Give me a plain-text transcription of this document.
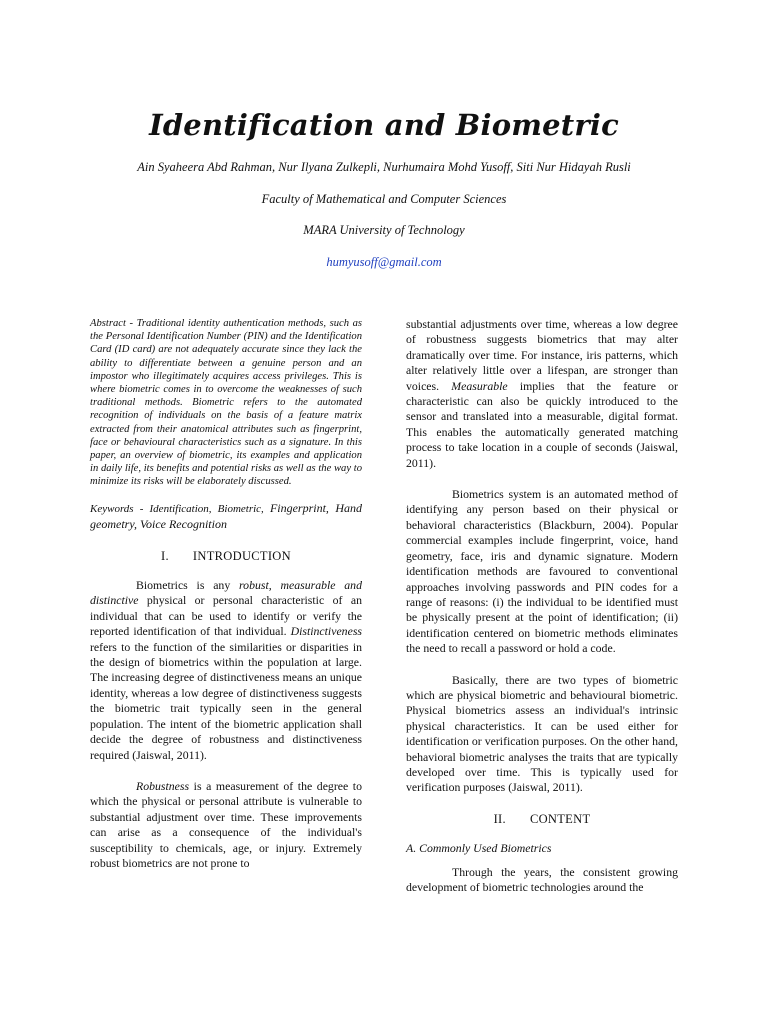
Identification and Biometric
Ain Syaheera Abd Rahman, Nur Ilyana Zulkepli, Nurhumaira Mohd Yusoff, Siti Nur Hidayah Rusli
Faculty of Mathematical and Computer Sciences
MARA University of Technology
humyusoff@gmail.com

Abstract - Traditional identity authentication methods, such as the Personal Identification Number (PIN) and the Identification Card (ID card) are not adequately accurate since they lack the ability to differentiate between a genuine person and an impostor who illegitimately acquires access privileges. This is where biometric comes in to overcome the weaknesses of such traditional methods. Biometric refers to the automated recognition of individuals on the basis of a feature matrix extracted from their anatomical attributes such as fingerprint, face or behavioural characteristics such as a signature. In this paper, an overview of biometric, its examples and application in daily life, its benefits and potential risks as well as the way to minimize its risks will be elaborately discussed.

Keywords - Identification, Biometric, Fingerprint, Hand geometry, Voice Recognition

I. INTRODUCTION

Biometrics is any robust, measurable and distinctive physical or personal characteristic of an individual that can be used to identify or verify the reported identification of that individual. Distinctiveness refers to the function of the similarities or disparities in the design of biometrics within the population at large. The increasing degree of distinctiveness means an unique identity, whereas a low degree of distinctiveness suggests the biometric trait typically seen in the general population. The intent of the biometric application shall decide the degree of robustness and distinctiveness required (Jaiswal, 2011).

Robustness is a measurement of the degree to which the physical or personal attribute is vulnerable to substantial adjustment over time. These improvements can arise as a consequence of the individual's susceptibility to chemicals, age, or injury. Extremely robust biometrics are not prone to

substantial adjustments over time, whereas a low degree of robustness suggests biometrics that may alter dramatically over time. For instance, iris patterns, which alter relatively little over a lifespan, are stronger than voices. Measurable implies that the feature or characteristic can also be quickly introduced to the sensor and translated into a measurable, digital format. This enables the automatically generated matching process to take location in a couple of seconds (Jaiswal, 2011).

Biometrics system is an automated method of identifying any person based on their physical or behavioral characteristics (Blackburn, 2004). Popular commercial examples include fingerprint, voice, hand geometry, face, iris and dynamic signature. Modern identification methods are favoured to conventional approaches involving passwords and PIN codes for a range of reasons: (i) the individual to be identified must be physically present at the point of identification; (ii) identification centered on biometric methods eliminates the need to recall a password or hold a code.

Basically, there are two types of biometric which are physical biometric and behavioural biometric. Physical biometrics assess an individual's intrinsic physical characteristics. It can be used either for identification or verification purposes. On the other hand, behavioral biometric analyses the traits that are typically developed over time. This is typically used for verification purposes (Jaiswal, 2011).

II. CONTENT
A. Commonly Used Biometrics

Through the years, the consistent growing development of biometric technologies around the
